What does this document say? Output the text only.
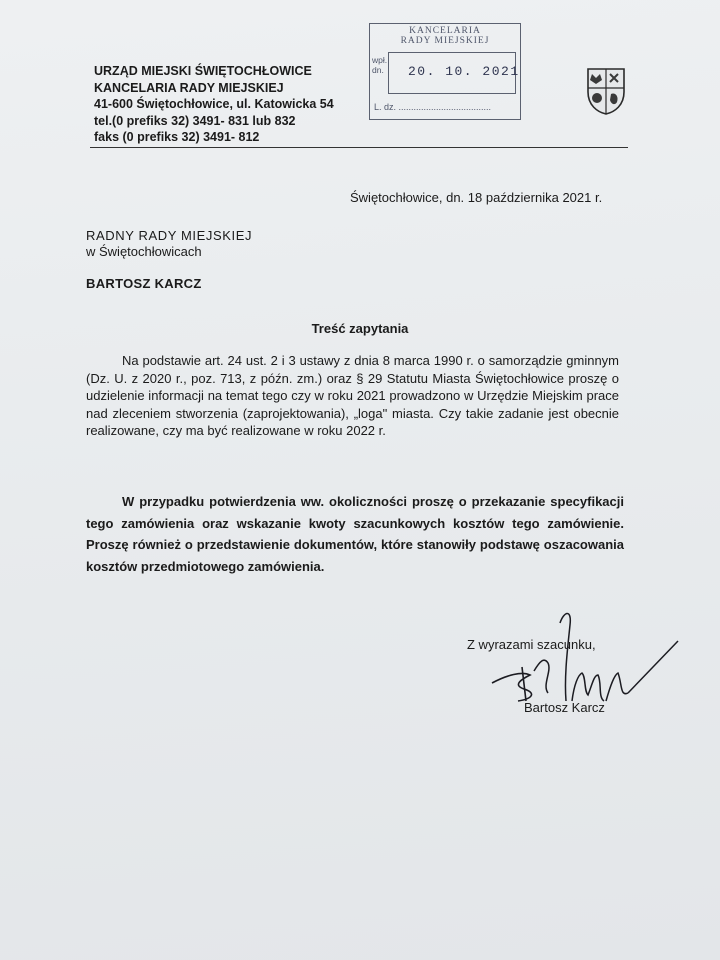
URZĄD MIEJSKI ŚWIĘTOCHŁOWICE
KANCELARIA RADY MIEJSKIEJ
41-600 Świętochłowice, ul. Katowicka 54
tel.(0 prefiks 32) 3491- 831 lub 832
faks (0 prefiks 32) 3491- 812
KANCELARIA
RADY MIEJSKIEJ
wpł.
dn. 20. 10. 2021
L. dz. .....................................
Świętochłowice, dn. 18 października 2021 r.
RADNY RADY MIEJSKIEJ
w Świętochłowicach
BARTOSZ KARCZ
Treść zapytania
Na podstawie art. 24 ust. 2 i 3 ustawy z dnia 8 marca 1990 r. o samorządzie gminnym (Dz. U. z 2020 r., poz. 713, z późn. zm.) oraz § 29 Statutu Miasta Świętochłowice proszę o udzielenie informacji na temat tego czy w roku 2021 prowadzono w Urzędzie Miejskim prace nad zleceniem stworzenia (zaprojektowania), „loga" miasta. Czy takie zadanie jest obecnie realizowane, czy ma być realizowane w roku 2022 r.
W przypadku potwierdzenia ww. okoliczności proszę o przekazanie specyfikacji tego zamówienia oraz wskazanie kwoty szacunkowych kosztów tego zamówienie. Proszę również o przedstawienie dokumentów, które stanowiły podstawę oszacowania kosztów przedmiotowego zamówienia.
Z wyrazami szacunku,
Bartosz Karcz
